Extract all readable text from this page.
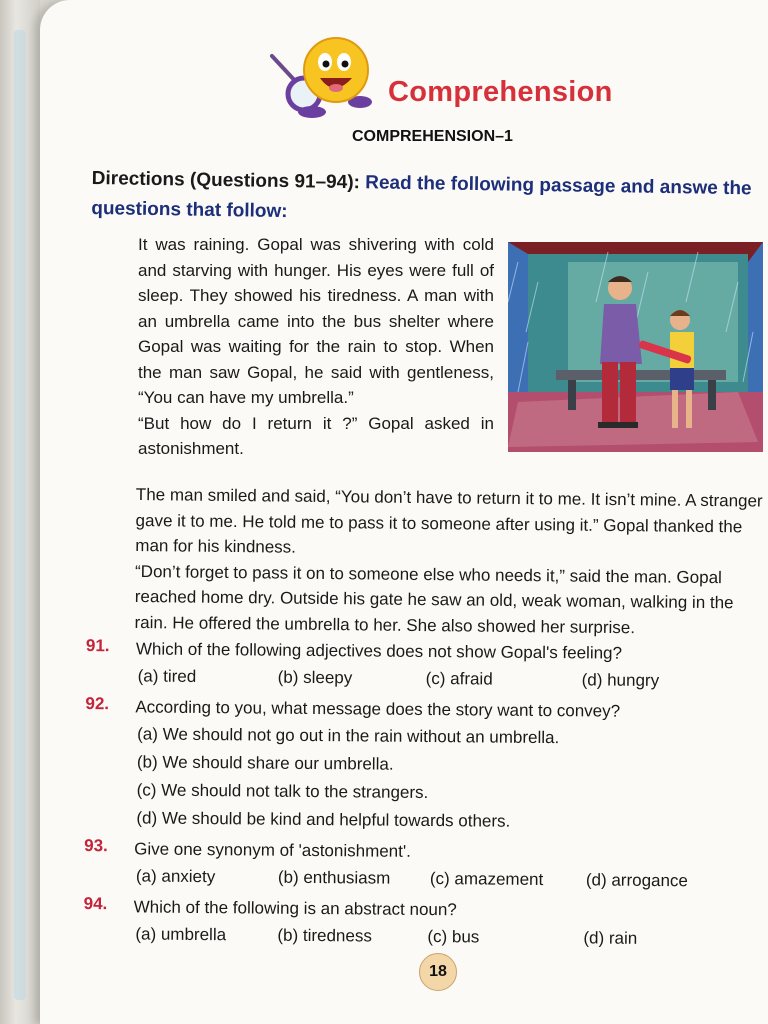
Comprehension
COMPREHENSION–1
Directions (Questions 91–94): Read the following passage and answe the questions that follow:

It was raining. Gopal was shivering with cold and starving with hunger. His eyes were full of sleep. They showed his tiredness. A man with an umbrella came into the bus shelter where Gopal was waiting for the rain to stop. When the man saw Gopal, he said with gentleness, “You can have my umbrella.”

“But how do I return it ?” Gopal asked in astonishment.

The man smiled and said, “You don’t have to return it to me. It isn’t mine. A stranger gave it to me. He told me to pass it to someone after using it.” Gopal thanked the man for his kindness.

“Don’t forget to pass it on to someone else who needs it,” said the man. Gopal reached home dry. Outside his gate he saw an old, weak woman, walking in the rain. He offered the umbrella to her. She also showed her surprise.

91. Which of the following adjectives does not show Gopal's feeling?
(a) tired	(b) sleepy	(c) afraid	(d) hungry
92. According to you, what message does the story want to convey?
(a) We should not go out in the rain without an umbrella.
(b) We should share our umbrella.
(c) We should not talk to the strangers.
(d) We should be kind and helpful towards others.
93. Give one synonym of 'astonishment'.
(a) anxiety	(b) enthusiasm	(c) amazement	(d) arrogance
94. Which of the following is an abstract noun?
(a) umbrella	(b) tiredness	(c) bus	(d) rain
18
